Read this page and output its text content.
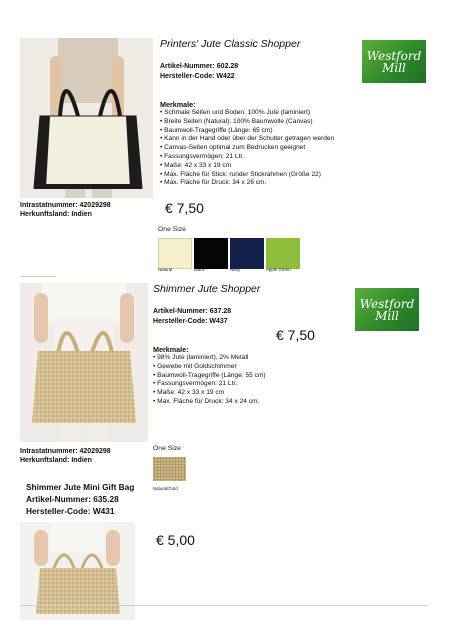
Printers' Jute Classic Shopper
Westford
Mill
Artikel-Nummer: 602.28
Hersteller-Code: W422
Merkmale:
• Schmale Seiten und Boden: 100% Jute (laminiert)
• Breite Seiten (Natural): 100% Baumwolle (Canvas)
• Baumwoll-Tragegriffe (Länge: 65 cm)
• Kann in der Hand oder über der Schulter getragen werden
• Canvas-Seiten optimal zum Bedrucken geeignet
• Fassungsvermögen: 21 Ltr.
• Maße: 42 x 33 x 19 cm
• Max. Fläche für Stick: runder Stickrahmen (Größe 22)
• Max. Fläche für Druck: 34 x 26 cm.
Intrastatnummer: 42029298
Herkunftsland: Indien	€ 7,50
One Size
Natural	Black	Navy	Apple Green
Shimmer Jute Shopper
Westford
Mill
Artikel-Nummer: 637.28
Hersteller-Code: W437
€ 7,50
Merkmale:
• 98% Jute (laminiert), 2% Metall
• Gewebe mit Goldschimmer
• Baumwoll-Tragegriffe (Länge: 55 cm)
• Fassungsvermögen: 21 Ltr.
• Maße: 42 x 33 x 19 cm
• Max. Fläche für Druck: 34 x 24 cm.
Intrastatnummer: 42029298
Herkunftsland: Indien
One Size
Natural/Gold
Shimmer Jute Mini Gift Bag
Artikel-Nummer: 635.28
Hersteller-Code: W431
€ 5,00
